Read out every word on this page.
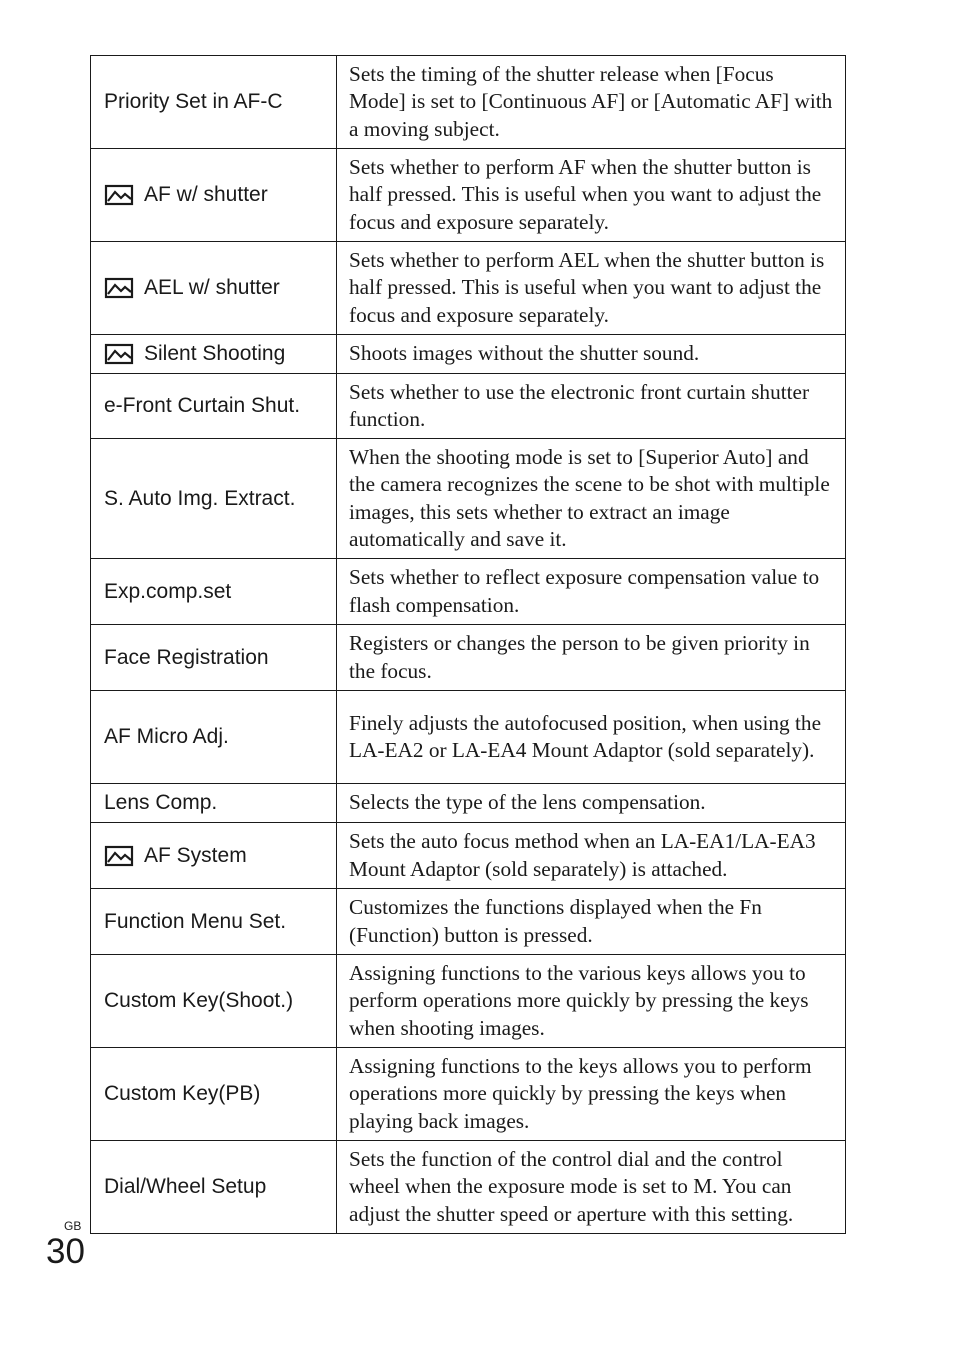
Priority Set in AF-C	Sets the timing of the shutter release when [Focus Mode] is set to [Continuous AF] or [Automatic AF] with a moving subject.
AF w/ shutter	Sets whether to perform AF when the shutter button is half pressed. This is useful when you want to adjust the focus and exposure separately.
AEL w/ shutter	Sets whether to perform AEL when the shutter button is half pressed. This is useful when you want to adjust the focus and exposure separately.
Silent Shooting	Shoots images without the shutter sound.
e-Front Curtain Shut.	Sets whether to use the electronic front curtain shutter function.
S. Auto Img. Extract.	When the shooting mode is set to [Superior Auto] and the camera recognizes the scene to be shot with multiple images, this sets whether to extract an image automatically and save it.
Exp.comp.set	Sets whether to reflect exposure compensation value to flash compensation.
Face Registration	Registers or changes the person to be given priority in the focus.
AF Micro Adj.	Finely adjusts the autofocused position, when using the LA-EA2 or LA-EA4 Mount Adaptor (sold separately).
Lens Comp.	Selects the type of the lens compensation.
AF System	Sets the auto focus method when an LA-EA1/LA-EA3 Mount Adaptor (sold separately) is attached.
Function Menu Set.	Customizes the functions displayed when the Fn (Function) button is pressed.
Custom Key(Shoot.)	Assigning functions to the various keys allows you to perform operations more quickly by pressing the keys when shooting images.
Custom Key(PB)	Assigning functions to the keys allows you to perform operations more quickly by pressing the keys when playing back images.
Dial/Wheel Setup	Sets the function of the control dial and the control wheel when the exposure mode is set to M. You can adjust the shutter speed or aperture with this setting.
GB
30
